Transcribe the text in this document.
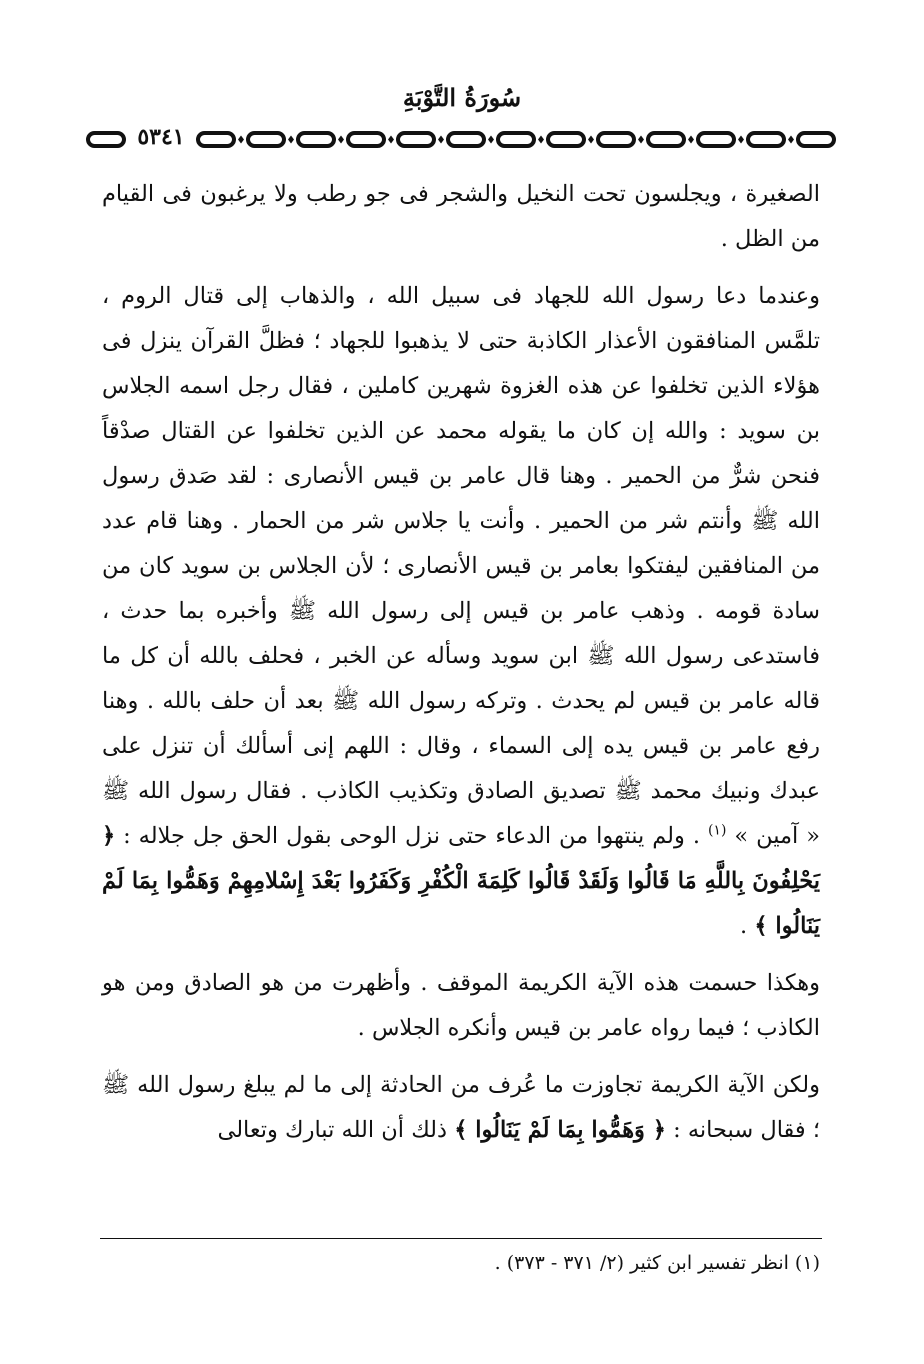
سُورَةُ التَّوْبَةِ
٥٣٤١

الصغيرة ، ويجلسون تحت النخيل والشجر فى جو رطب ولا يرغبون فى القيام من الظل .

وعندما دعا رسول الله للجهاد فى سبيل الله ، والذهاب إلى قتال الروم ، تلمَّس المنافقون الأعذار الكاذبة حتى لا يذهبوا للجهاد ؛ فظلَّ القرآن ينزل فى هؤلاء الذين تخلفوا عن هذه الغزوة شهرين كاملين ، فقال رجل اسمه الجلاس بن سويد : والله إن كان ما يقوله محمد عن الذين تخلفوا عن القتال صدْقاً فنحن شرٌّ من الحمير . وهنا قال عامر بن قيس الأنصارى : لقد صَدق رسول الله ﷺ وأنتم شر من الحمير . وأنت يا جلاس شر من الحمار . وهنا قام عدد من المنافقين ليفتكوا بعامر بن قيس الأنصارى ؛ لأن الجلاس بن سويد كان من سادة قومه . وذهب عامر بن قيس إلى رسول الله ﷺ وأخبره بما حدث ، فاستدعى رسول الله ﷺ ابن سويد وسأله عن الخبر ، فحلف بالله أن كل ما قاله عامر بن قيس لم يحدث . وتركه رسول الله ﷺ بعد أن حلف بالله . وهنا رفع عامر بن قيس يده إلى السماء ، وقال : اللهم إنى أسألك أن تنزل على عبدك ونبيك محمد ﷺ تصديق الصادق وتكذيب الكاذب . فقال رسول الله ﷺ « آمين » $^{(١)}$ . ولم ينتهوا من الدعاء حتى نزل الوحى بقول الحق جل جلاله : ﴿ يَحْلِفُونَ بِاللَّهِ مَا قَالُوا وَلَقَدْ قَالُوا كَلِمَةَ الْكُفْرِ وَكَفَرُوا بَعْدَ إِسْلامِهِمْ وَهَمُّوا بِمَا لَمْ يَنَالُوا ﴾ .

وهكذا حسمت هذه الآية الكريمة الموقف . وأظهرت من هو الصادق ومن هو الكاذب ؛ فيما رواه عامر بن قيس وأنكره الجلاس .

ولكن الآية الكريمة تجاوزت ما عُرف من الحادثة إلى ما لم يبلغ رسول الله ﷺ ؛ فقال سبحانه : ﴿ وَهَمُّوا بِمَا لَمْ يَنَالُوا ﴾ ذلك أن الله تبارك وتعالى

(١) انظر تفسير ابن كثير (٢/ ٣٧١ - ٣٧٣) .
